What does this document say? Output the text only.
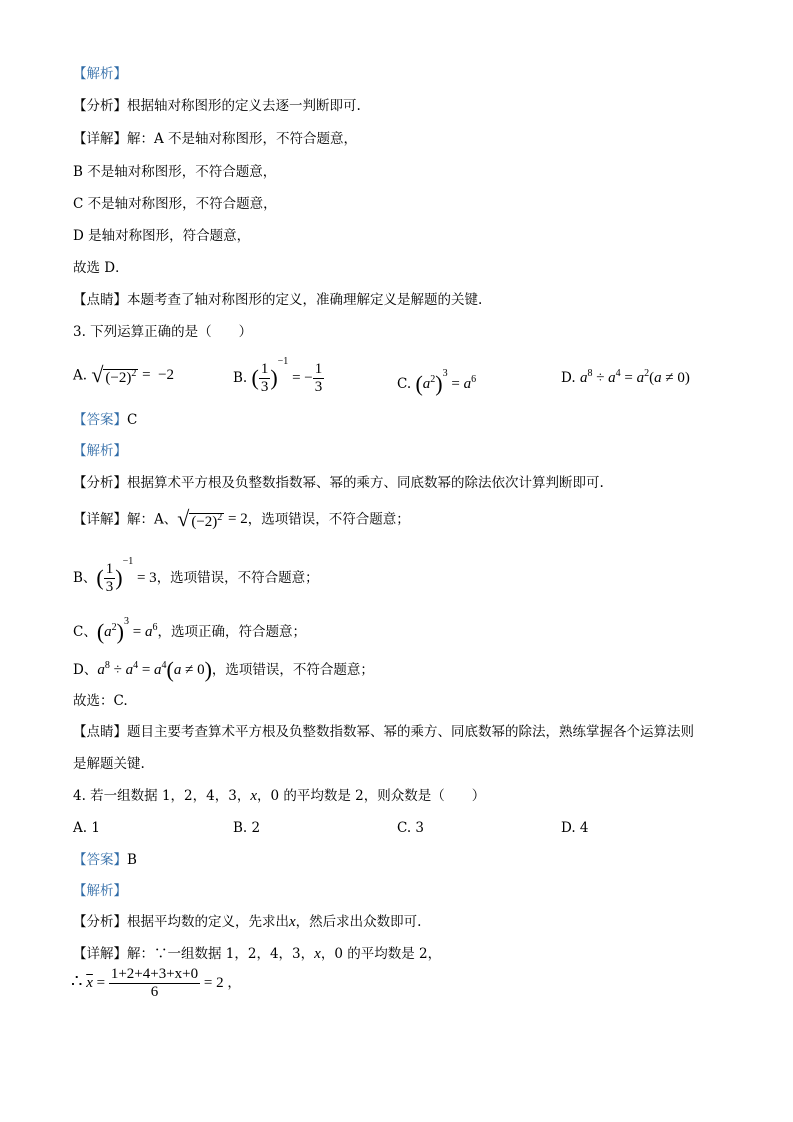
【解析】
【分析】根据轴对称图形的定义去逐一判断即可.
【详解】解：A 不是轴对称图形，不符合题意，
B 不是轴对称图形，不符合题意，
C 不是轴对称图形，不符合题意，
D 是轴对称图形，符合题意，
故选 D．
【点睛】本题考查了轴对称图形的定义，准确理解定义是解题的关键.
3. 下列运算正确的是（　　）
A. √ $(-2)^2 = -2$	B. ( $\frac{1}{3} )^{-1}$ = − $\frac{1}{3}$	C. $(a^2)^3 = a^6$	D. $a^8 \div a^4 = a^2(a \ne 0)$
【答案】C
【解析】
【分析】根据算术平方根及负整数指数幂、幂的乘方、同底数幂的除法依次计算判断即可.
【详解】解：A、√ $(-2)^2 = 2$，选项错误，不符合题意；
B、( $\frac{1}{3} )^{-1} = 3$，选项错误，不符合题意；
C、$(a^2)^3 = a^6$，选项正确，符合题意；
D、$a^8 \div a^4 = a^4(a \ne 0)$，选项错误，不符合题意；
故选：C.
【点睛】题目主要考查算术平方根及负整数指数幂、幂的乘方、同底数幂的除法，熟练掌握各个运算法则
是解题关键.
4. 若一组数据 1，2，4，3，x，0 的平均数是 2，则众数是（　　）
A. 1	B. 2	C. 3	D. 4
【答案】B
【解析】
【分析】根据平均数的定义，先求出x，然后求出众数即可.
【详解】解：∵一组数据 1，2，4，3，x，0 的平均数是 2，
∴ $\overline{x} = \frac{1+2+4+3+x+0}{6} = 2$ ，
